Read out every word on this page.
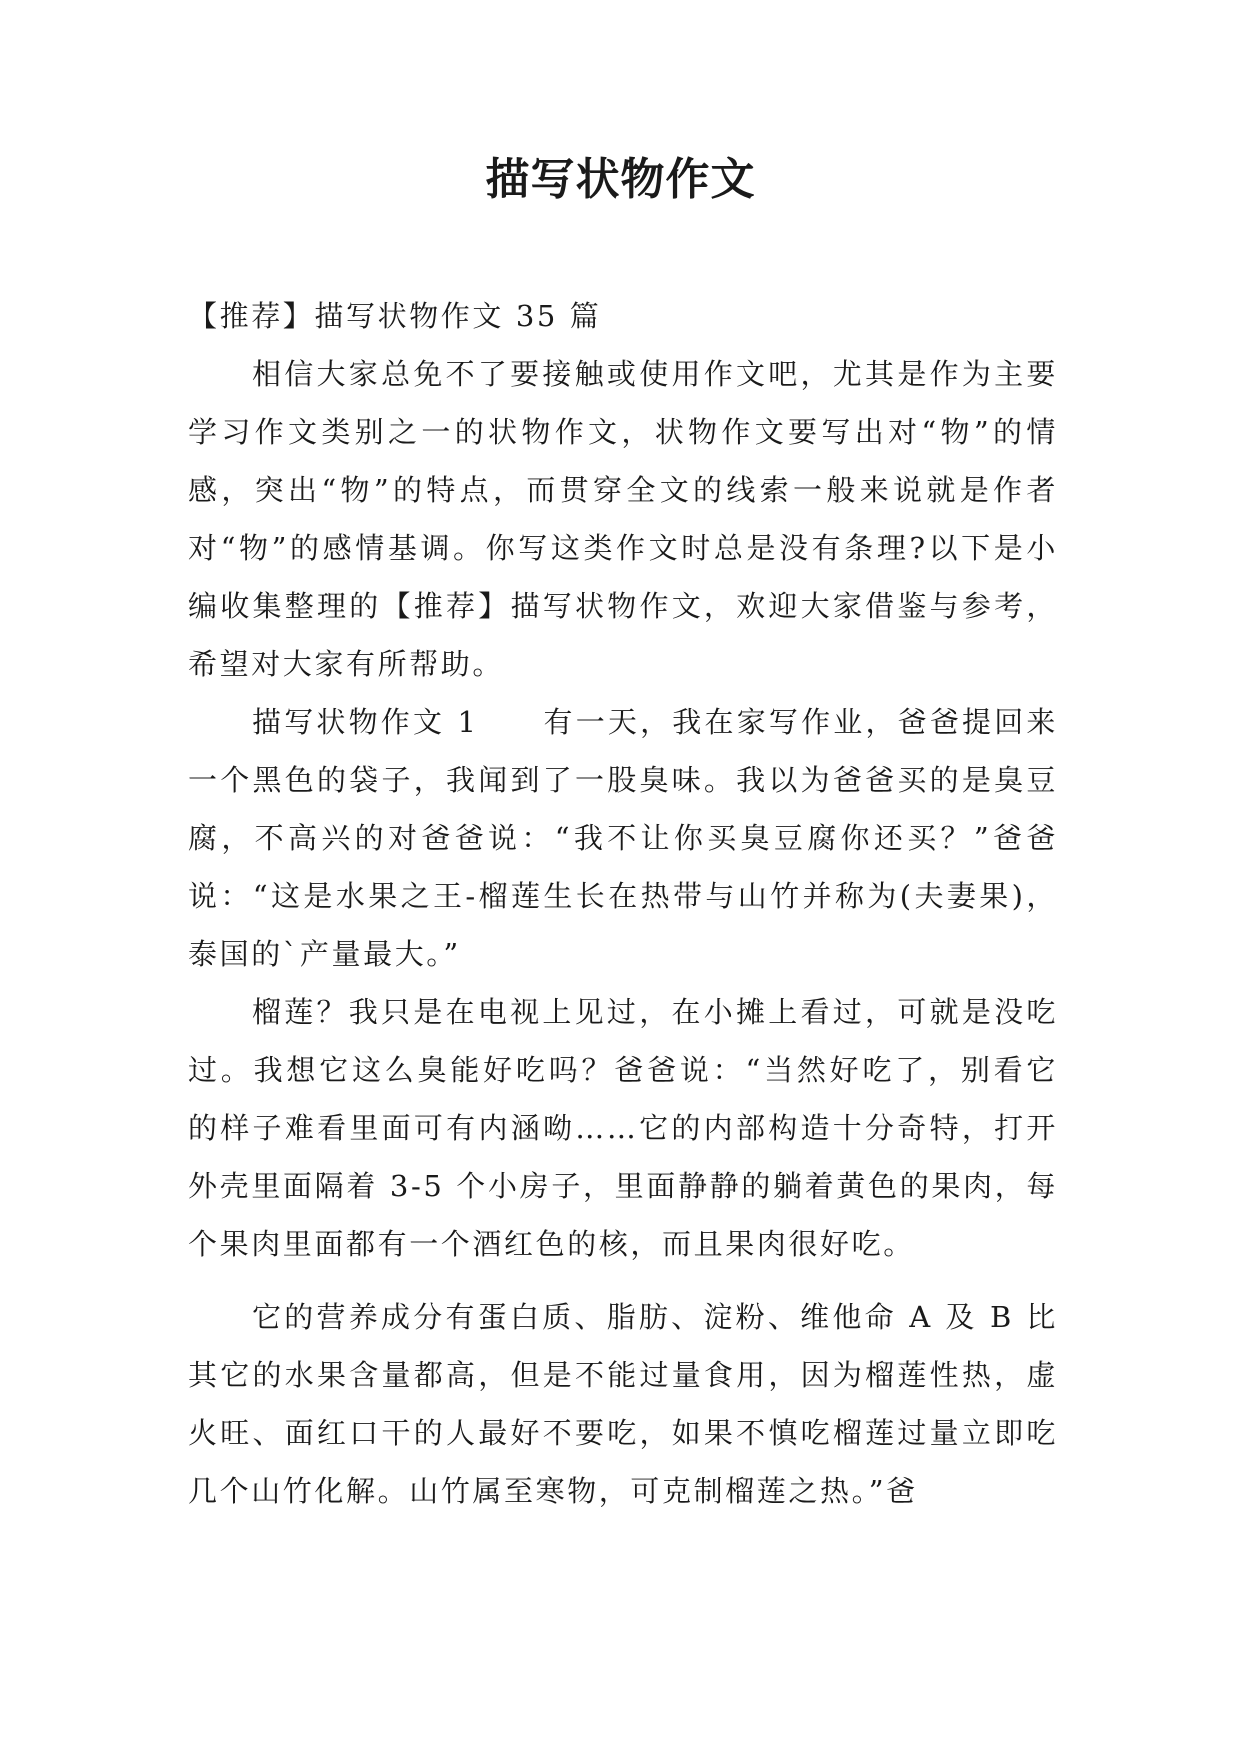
描写状物作文

【推荐】描写状物作文 35 篇

相信大家总免不了要接触或使用作文吧，尤其是作为主要学习作文类别之一的状物作文，状物作文要写出对“物”的情感，突出“物”的特点，而贯穿全文的线索一般来说就是作者对“物”的感情基调。你写这类作文时总是没有条理?以下是小编收集整理的【推荐】描写状物作文，欢迎大家借鉴与参考，希望对大家有所帮助。

描写状物作文 1　　有一天，我在家写作业，爸爸提回来一个黑色的袋子，我闻到了一股臭味。我以为爸爸买的是臭豆腐，不高兴的对爸爸说：“我不让你买臭豆腐你还买？”爸爸说：“这是水果之王-榴莲生长在热带与山竹并称为(夫妻果)，泰国的`产量最大。”

榴莲？我只是在电视上见过，在小摊上看过，可就是没吃过。我想它这么臭能好吃吗？爸爸说：“当然好吃了，别看它的样子难看里面可有内涵呦……它的内部构造十分奇特，打开外壳里面隔着 3-5 个小房子，里面静静的躺着黄色的果肉，每个果肉里面都有一个酒红色的核，而且果肉很好吃。

它的营养成分有蛋白质、脂肪、淀粉、维他命 A 及 B 比其它的水果含量都高，但是不能过量食用，因为榴莲性热，虚火旺、面红口干的人最好不要吃，如果不慎吃榴莲过量立即吃几个山竹化解。山竹属至寒物，可克制榴莲之热。”爸
